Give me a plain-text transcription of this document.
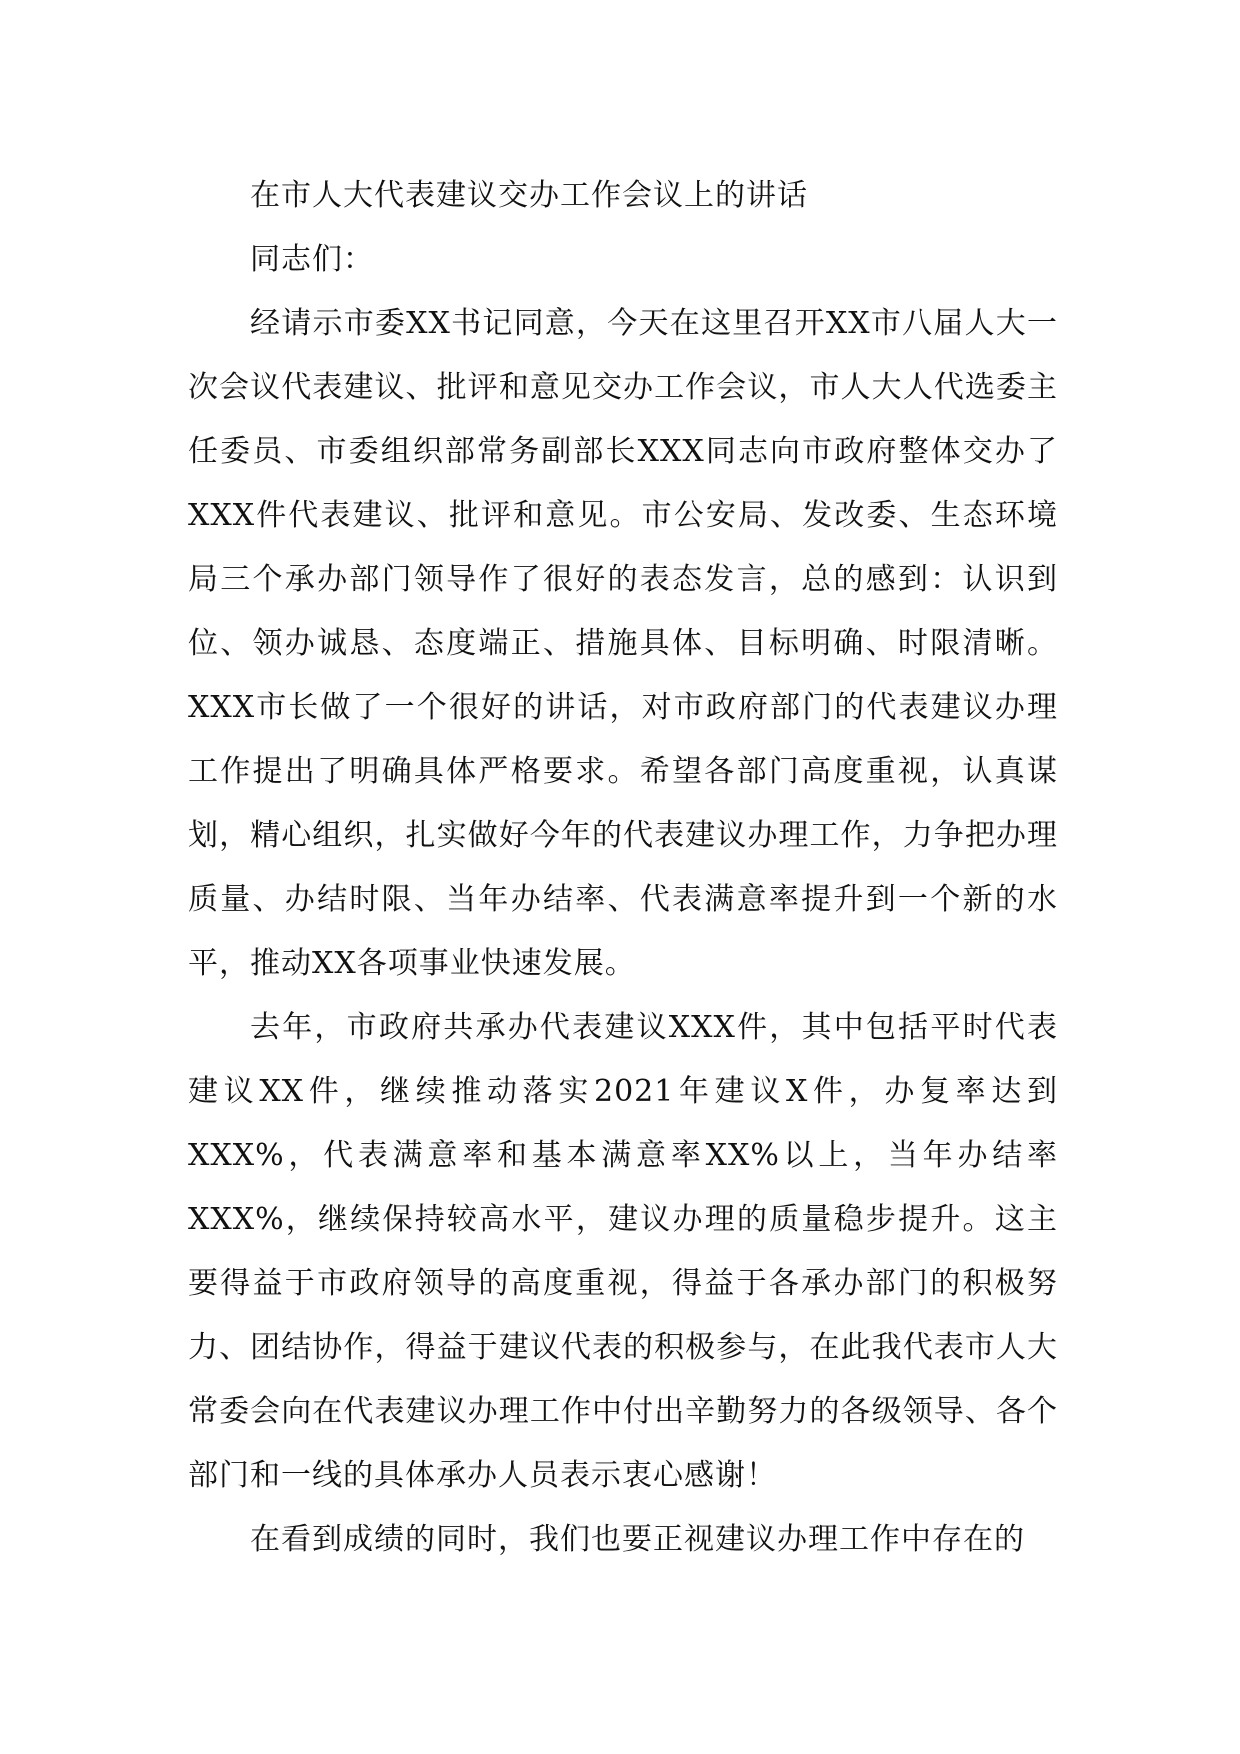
在市人大代表建议交办工作会议上的讲话
同志们：

经请示市委XX书记同意，今天在这里召开XX市八届人大一次会议代表建议、批评和意见交办工作会议，市人大人代选委主任委员、市委组织部常务副部长XXX同志向市政府整体交办了XXX件代表建议、批评和意见。市公安局、发改委、生态环境局三个承办部门领导作了很好的表态发言，总的感到：认识到位、领办诚恳、态度端正、措施具体、目标明确、时限清晰。XXX市长做了一个很好的讲话，对市政府部门的代表建议办理工作提出了明确具体严格要求。希望各部门高度重视，认真谋划，精心组织，扎实做好今年的代表建议办理工作，力争把办理质量、办结时限、当年办结率、代表满意率提升到一个新的水平，推动XX各项事业快速发展。

去年，市政府共承办代表建议XXX件，其中包括平时代表建议XX件，继续推动落实2021年建议X件，办复率达到XXX%，代表满意率和基本满意率XX%以上，当年办结率XXX%，继续保持较高水平，建议办理的质量稳步提升。这主要得益于市政府领导的高度重视，得益于各承办部门的积极努力、团结协作，得益于建议代表的积极参与，在此我代表市人大常委会向在代表建议办理工作中付出辛勤努力的各级领导、各个部门和一线的具体承办人员表示衷心感谢！

在看到成绩的同时，我们也要正视建议办理工作中存在的
